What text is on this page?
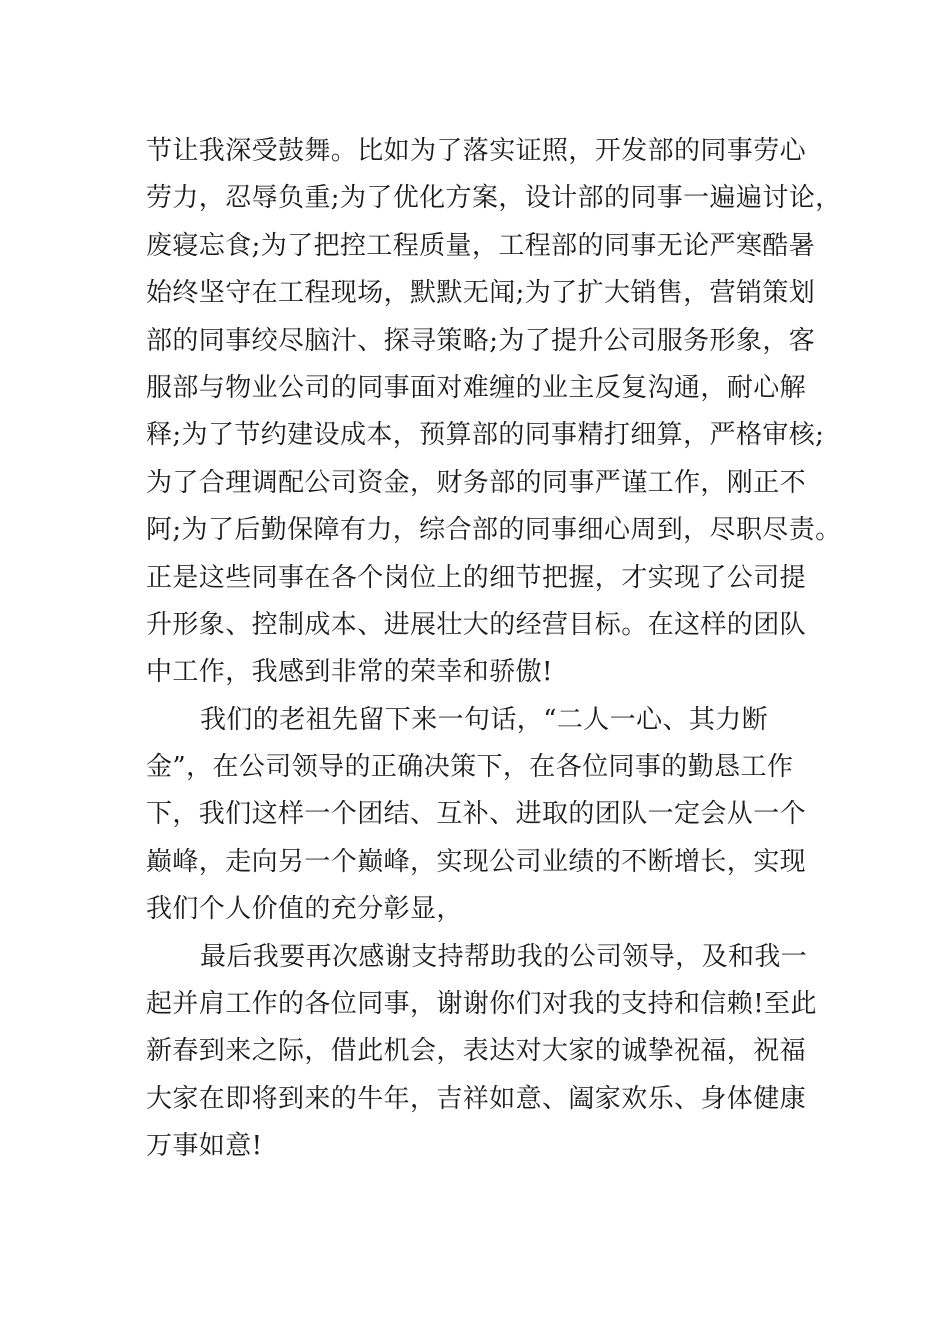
节让我深受鼓舞。比如为了落实证照，开发部的同事劳心
劳力，忍辱负重;为了优化方案，设计部的同事一遍遍讨论，
废寝忘食;为了把控工程质量，工程部的同事无论严寒酷暑
始终坚守在工程现场，默默无闻;为了扩大销售，营销策划
部的同事绞尽脑汁、探寻策略;为了提升公司服务形象，客
服部与物业公司的同事面对难缠的业主反复沟通，耐心解
释;为了节约建设成本，预算部的同事精打细算，严格审核;
为了合理调配公司资金，财务部的同事严谨工作，刚正不
阿;为了后勤保障有力，综合部的同事细心周到，尽职尽责。
正是这些同事在各个岗位上的细节把握，才实现了公司提
升形象、控制成本、进展壮大的经营目标。在这样的团队
中工作，我感到非常的荣幸和骄傲!
我们的老祖先留下来一句话，“二人一心、其力断
金”，在公司领导的正确决策下，在各位同事的勤恳工作
下，我们这样一个团结、互补、进取的团队一定会从一个
巅峰，走向另一个巅峰，实现公司业绩的不断增长，实现
我们个人价值的充分彰显，
最后我要再次感谢支持帮助我的公司领导，及和我一
起并肩工作的各位同事，谢谢你们对我的支持和信赖!至此
新春到来之际，借此机会，表达对大家的诚挚祝福，祝福
大家在即将到来的牛年，吉祥如意、阖家欢乐、身体健康
万事如意!
